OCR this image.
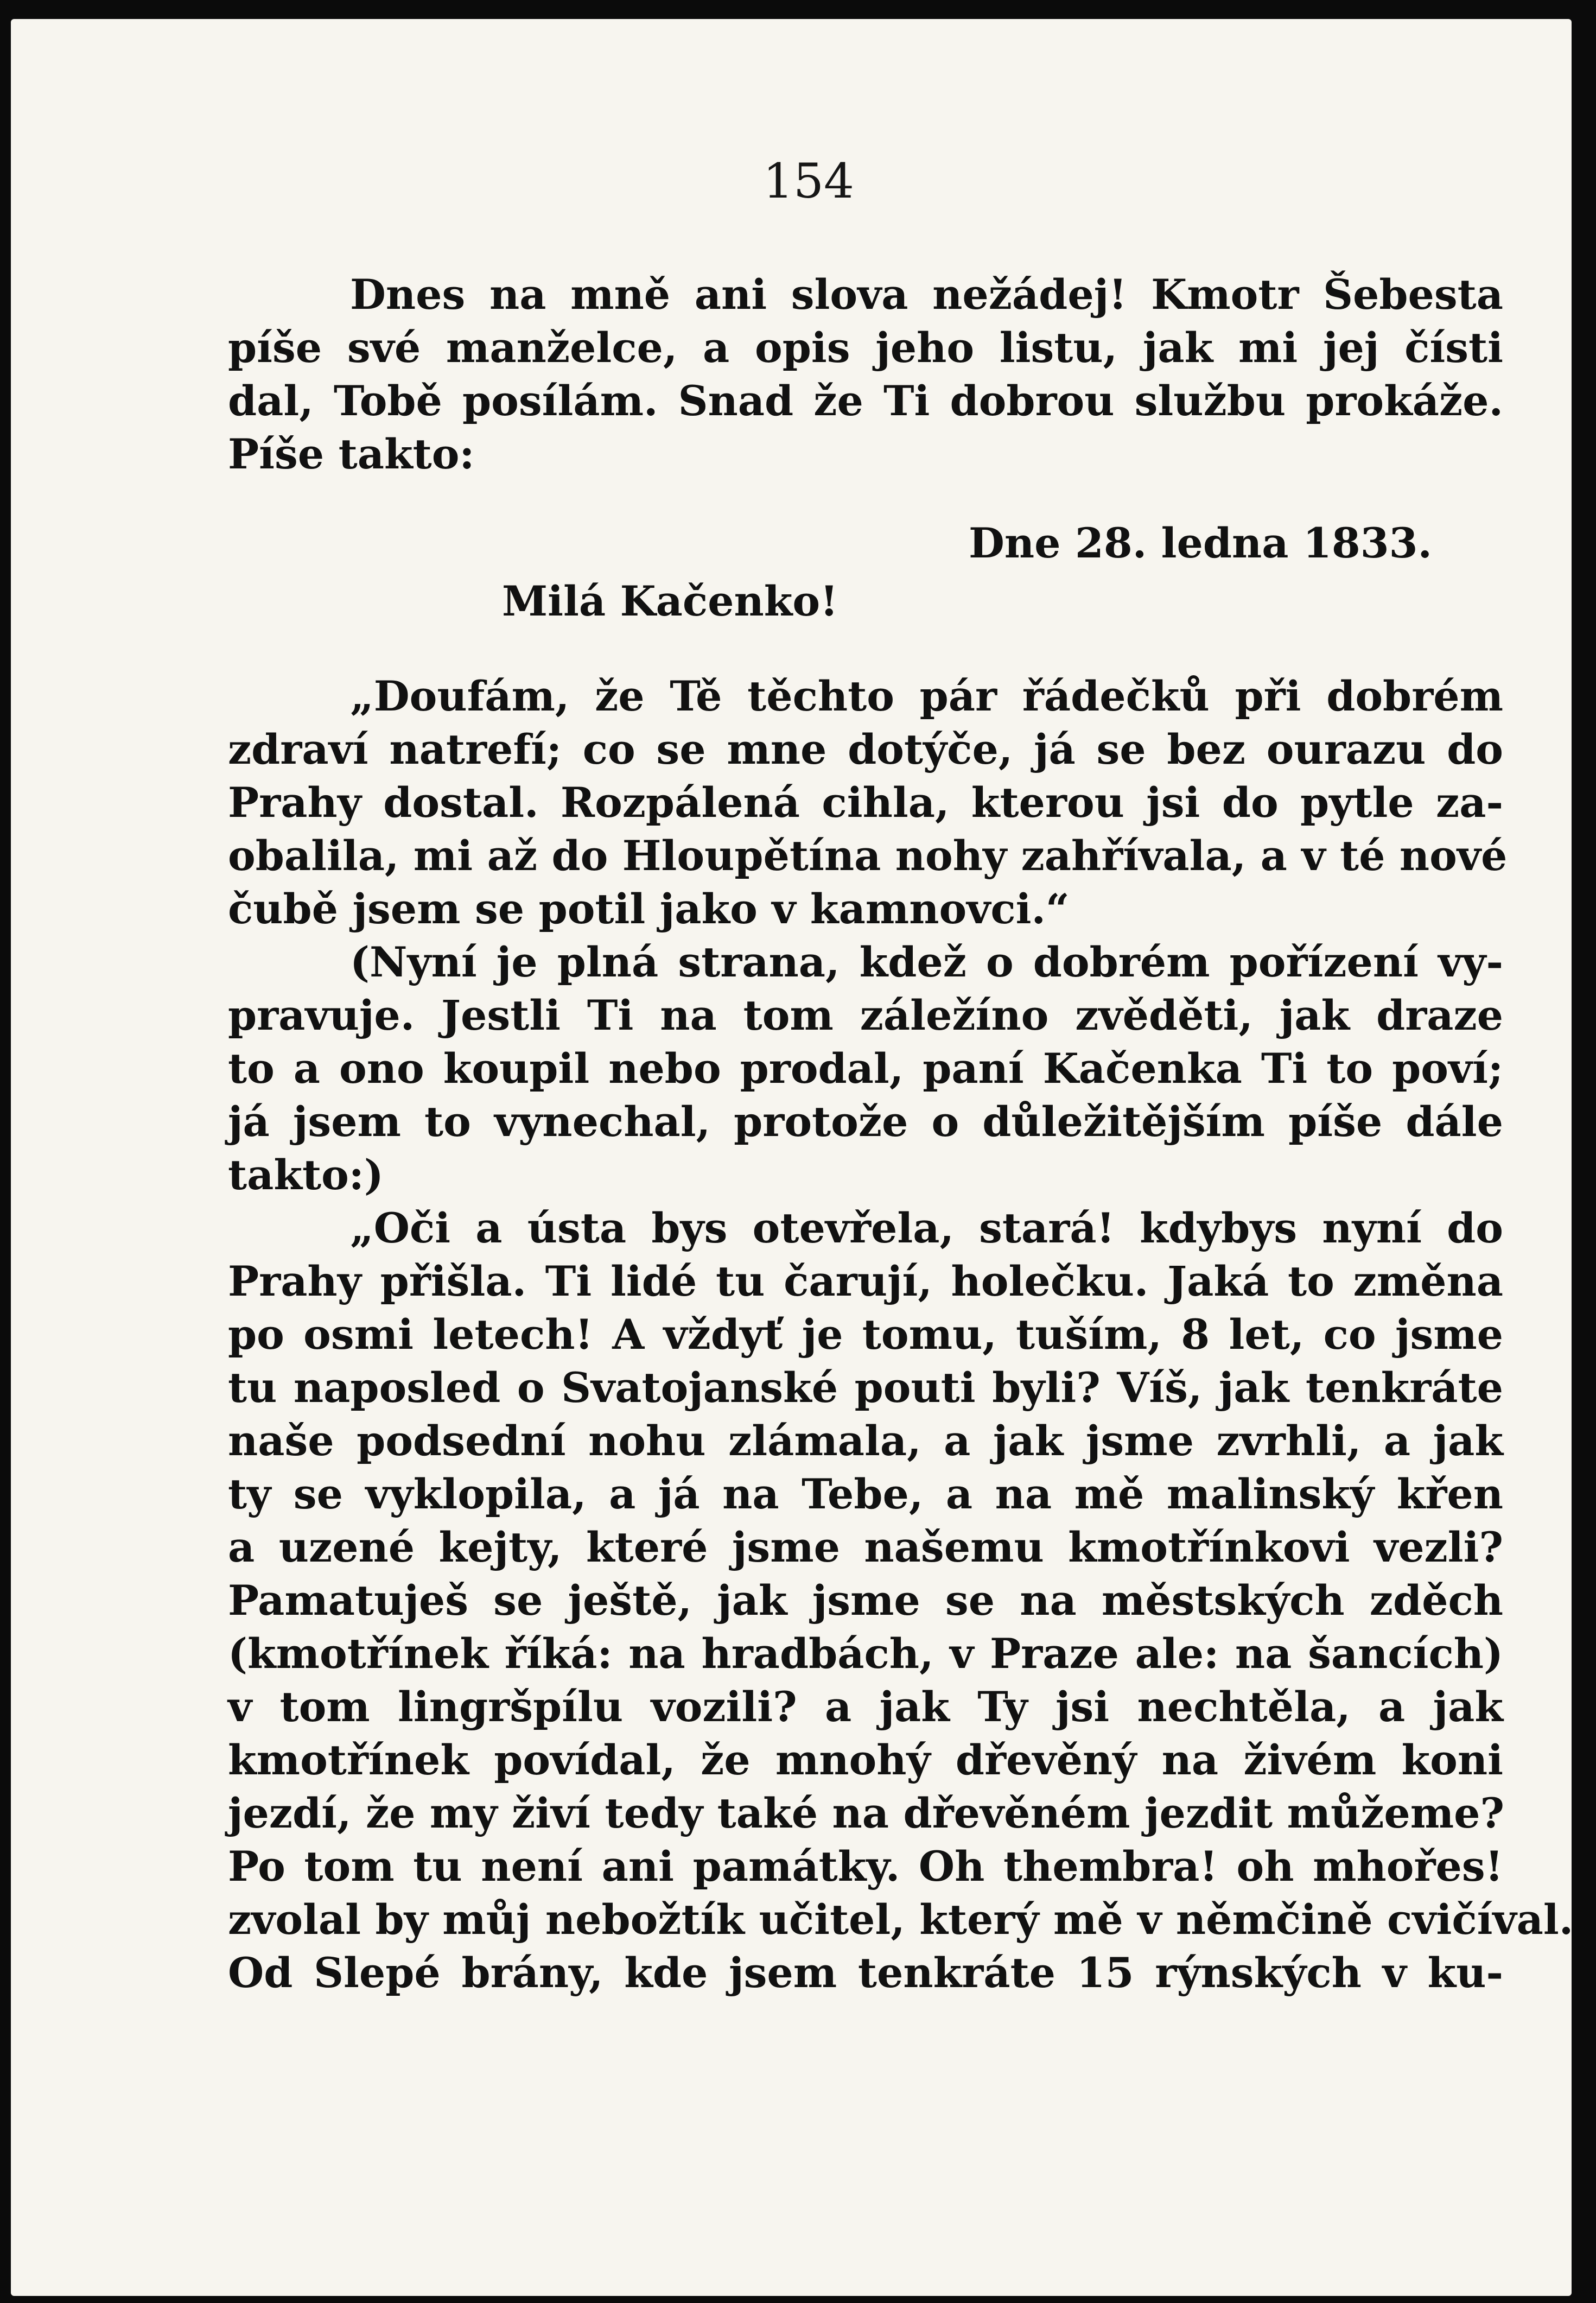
154
Dnes na mně ani slova nežádej! Kmotr Šebesta
píše své manželce, a opis jeho listu, jak mi jej čísti
dal, Tobě posílám. Snad že Ti dobrou službu prokáže.
Píše takto:
Dne 28. ledna 1833.
Milá Kačenko!
„Doufám, že Tě těchto pár řádečků při dobrém
zdraví natrefí; co se mne dotýče, já se bez ourazu do
Prahy dostal. Rozpálená cihla, kterou jsi do pytle za-
obalila, mi až do Hloupětína nohy zahřívala, a v té nové
čubě jsem se potil jako v kamnovci.“
(Nyní je plná strana, kdež o dobrém pořízení vy-
pravuje. Jestli Ti na tom záležíno zvěděti, jak draze
to a ono koupil nebo prodal, paní Kačenka Ti to poví;
já jsem to vynechal, protože o důležitějším píše dále
takto:)
„Oči a ústa bys otevřela, stará! kdybys nyní do
Prahy přišla. Ti lidé tu čarují, holečku. Jaká to změna
po osmi letech! A vždyť je tomu, tuším, 8 let, co jsme
tu naposled o Svatojanské pouti byli? Víš, jak tenkráte
naše podsední nohu zlámala, a jak jsme zvrhli, a jak
ty se vyklopila, a já na Tebe, a na mě malinský křen
a uzené kejty, které jsme našemu kmotřínkovi vezli?
Pamatuješ se ještě, jak jsme se na městských zděch
(kmotřínek říká: na hradbách, v Praze ale: na šancích)
v tom lingršpílu vozili? a jak Ty jsi nechtěla, a jak
kmotřínek povídal, že mnohý dřevěný na živém koni
jezdí, že my živí tedy také na dřevěném jezdit můžeme?
Po tom tu není ani památky. Oh thembra! oh mhořes!
zvolal by můj nebožtík učitel, který mě v němčině cvičíval.
Od Slepé brány, kde jsem tenkráte 15 rýnských v ku-
